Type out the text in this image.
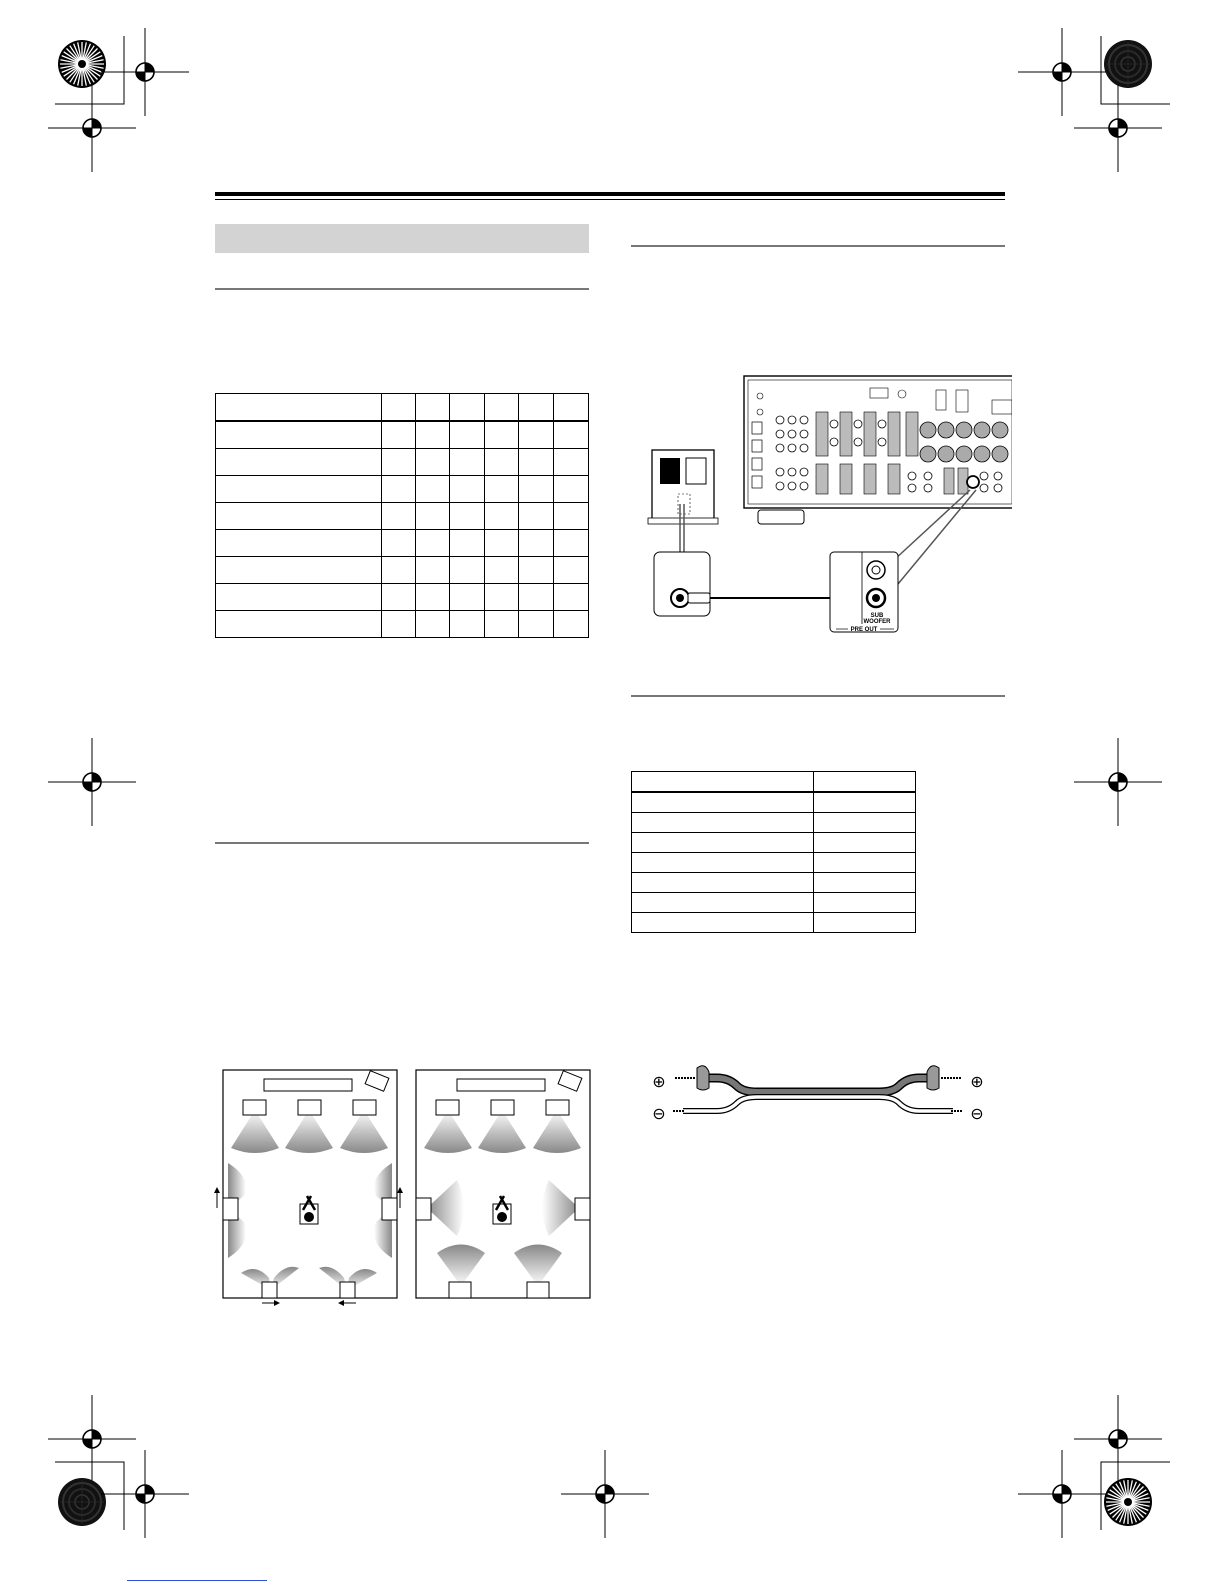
SUB
WOOFER
PRE OUT

⊕
⊖
⊕
⊖
